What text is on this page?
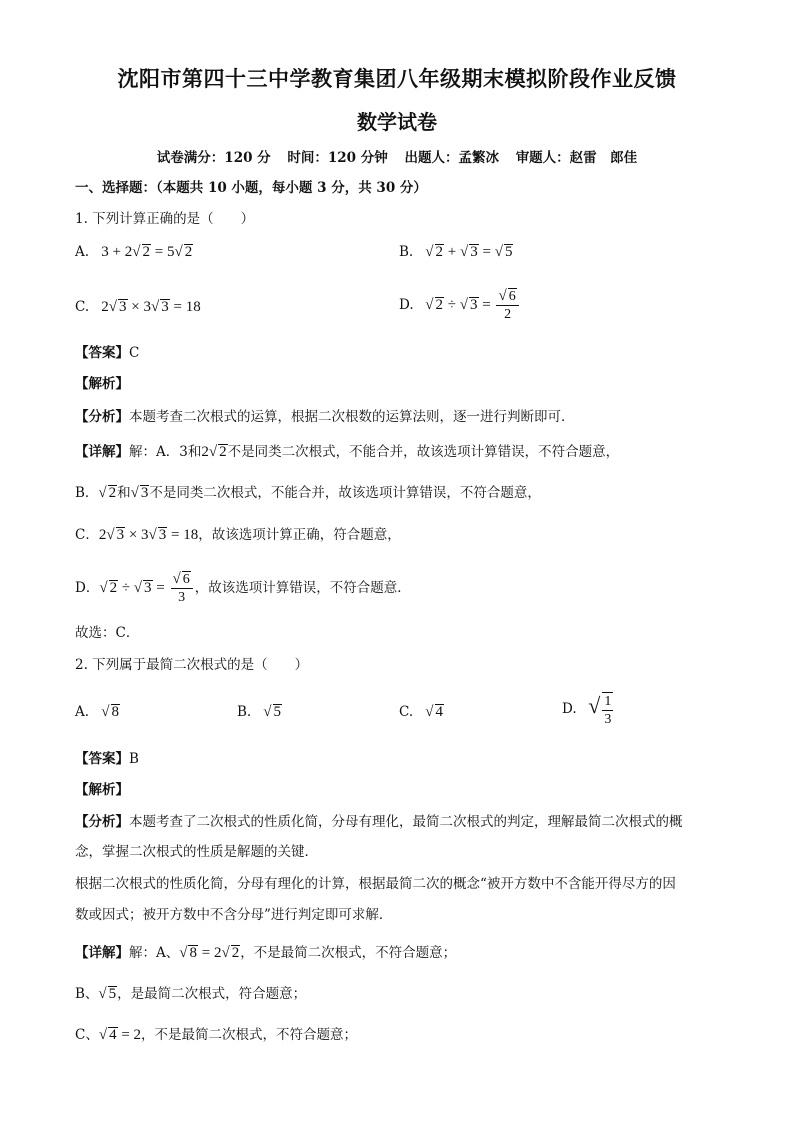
沈阳市第四十三中学教育集团八年级期末模拟阶段作业反馈
数学试卷
试卷满分：120 分 时间：120 分钟 出题人：孟繁冰 审题人：赵雷　郎佳
一、选择题：（本题共 10 小题，每小题 3 分，共 30 分）
1. 下列计算正确的是（　　）
A. 3 + 2√ 2 = 5√ 2	B. √ 2 + √ 3 = √ 5
C. 2√ 3 × 3√ 3 = 18	D. √ 2 ÷ √ $3 = \frac{√ 6}{2}$
【答案】C
【解析】
【分析】本题考查二次根式的运算，根据二次根数的运算法则，逐一进行判断即可．
【详解】解：A．3和2√ 2不是同类二次根式，不能合并，故该选项计算错误，不符合题意，
B．√ 2和√ 3不是同类二次根式，不能合并，故该选项计算错误，不符合题意，
C．2√ 3 × 3√ 3 = 18，故该选项计算正确，符合题意，
D．√ 2 ÷ √ $3 = \frac{√ 6}{3}$ ，故该选项计算错误，不符合题意．
故选：C．
2. 下列属于最简二次根式的是（　　）
A. √ 8	B. √ 5	C. √ 4	D. √ $\frac{1}{3}$
【答案】B
【解析】
【分析】本题考查了二次根式的性质化简，分母有理化，最简二次根式的判定，理解最简二次根式的概
念，掌握二次根式的性质是解题的关键．
根据二次根式的性质化简，分母有理化的计算，根据最简二次的概念“被开方数中不含能开得尽方的因
数或因式；被开方数中不含分母”进行判定即可求解．
【详解】解：A、√ 8 = 2√ 2，不是最简二次根式，不符合题意；
B、√ 5，是最简二次根式，符合题意；
C、√ 4 = 2，不是最简二次根式，不符合题意；
